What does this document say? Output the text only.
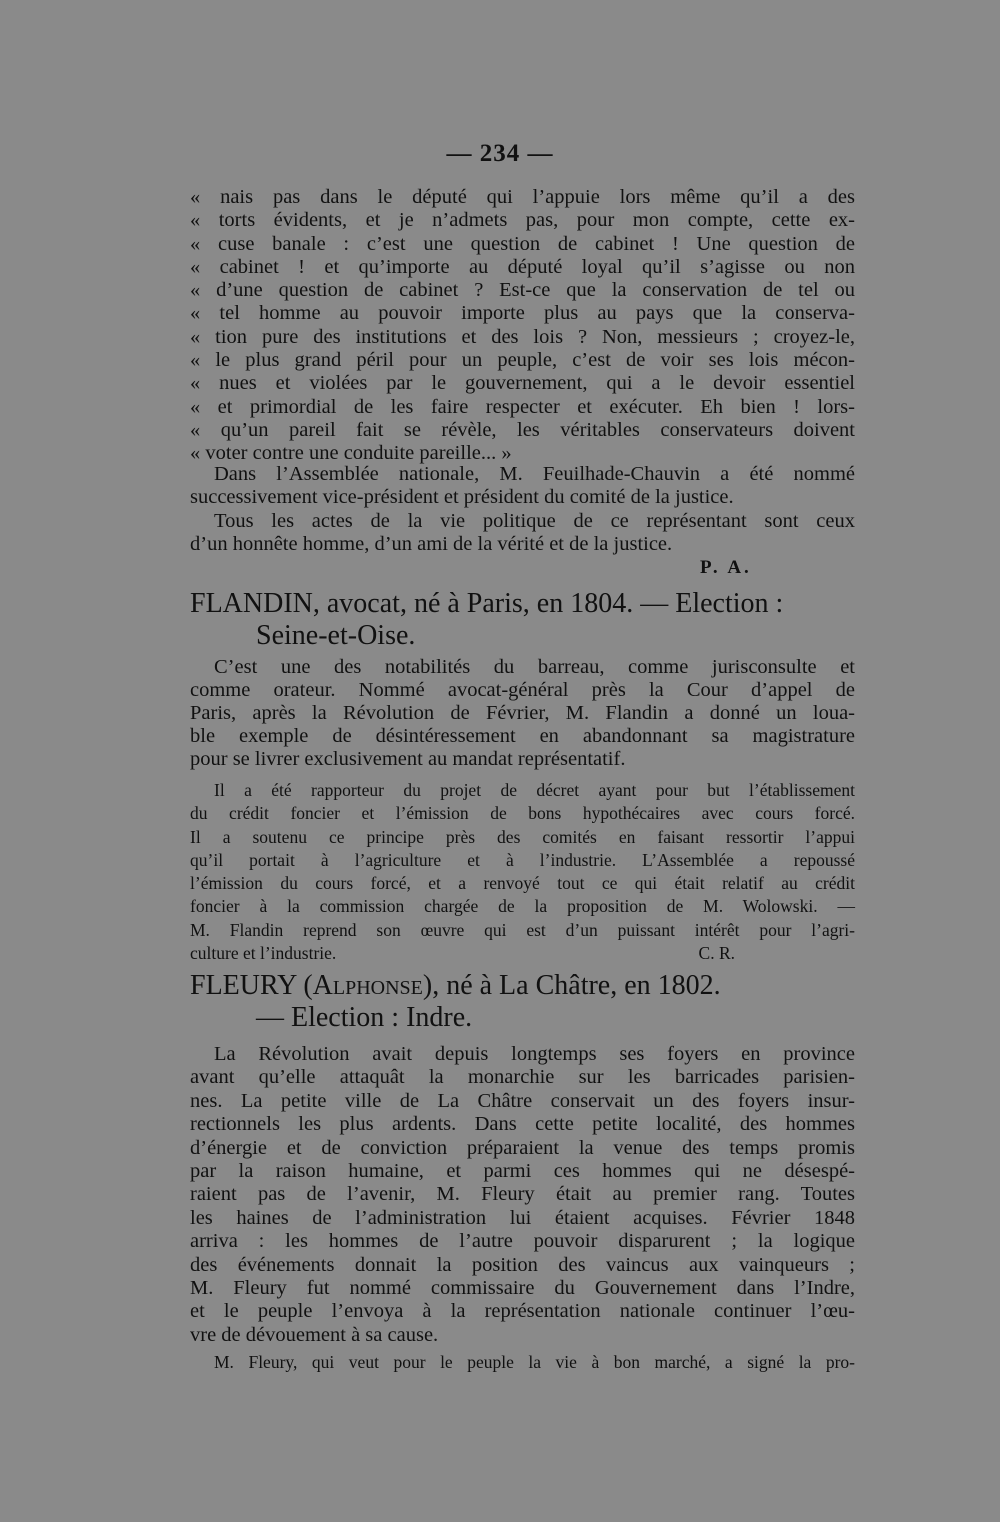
— 234 —
« nais pas dans le député qui l’appuie lors même qu’il a des
« torts évidents, et je n’admets pas, pour mon compte, cette ex-
« cuse banale : c’est une question de cabinet ! Une question de
« cabinet ! et qu’importe au député loyal qu’il s’agisse ou non
« d’une question de cabinet ? Est-ce que la conservation de tel ou
« tel homme au pouvoir importe plus au pays que la conserva-
« tion pure des institutions et des lois ? Non, messieurs ; croyez-le,
« le plus grand péril pour un peuple, c’est de voir ses lois mécon-
« nues et violées par le gouvernement, qui a le devoir essentiel
« et primordial de les faire respecter et exécuter. Eh bien ! lors-
« qu’un pareil fait se révèle, les véritables conservateurs doivent
« voter contre une conduite pareille... »
Dans l’Assemblée nationale, M. Feuilhade-Chauvin a été nommé
successivement vice-président et président du comité de la justice.
Tous les actes de la vie politique de ce représentant sont ceux
d’un honnête homme, d’un ami de la vérité et de la justice.
P. A.
FLANDIN, avocat, né à Paris, en 1804. — Election :
Seine-et-Oise.
C’est une des notabilités du barreau, comme jurisconsulte et
comme orateur. Nommé avocat-général près la Cour d’appel de
Paris, après la Révolution de Février, M. Flandin a donné un loua-
ble exemple de désintéressement en abandonnant sa magistrature
pour se livrer exclusivement au mandat représentatif.
Il a été rapporteur du projet de décret ayant pour but l’établissement
du crédit foncier et l’émission de bons hypothécaires avec cours forcé.
Il a soutenu ce principe près des comités en faisant ressortir l’appui
qu’il portait à l’agriculture et à l’industrie. L’Assemblée a repoussé
l’émission du cours forcé, et a renvoyé tout ce qui était relatif au crédit
foncier à la commission chargée de la proposition de M. Wolowski. —
M. Flandin reprend son œuvre qui est d’un puissant intérêt pour l’agri-
culture et l’industrie.	C. R.
FLEURY (Alphonse), né à La Châtre, en 1802.
— Election : Indre.
La Révolution avait depuis longtemps ses foyers en province
avant qu’elle attaquât la monarchie sur les barricades parisien-
nes. La petite ville de La Châtre conservait un des foyers insur-
rectionnels les plus ardents. Dans cette petite localité, des hommes
d’énergie et de conviction préparaient la venue des temps promis
par la raison humaine, et parmi ces hommes qui ne désespé-
raient pas de l’avenir, M. Fleury était au premier rang. Toutes
les haines de l’administration lui étaient acquises. Février 1848
arriva : les hommes de l’autre pouvoir disparurent ; la logique
des événements donnait la position des vaincus aux vainqueurs ;
M. Fleury fut nommé commissaire du Gouvernement dans l’Indre,
et le peuple l’envoya à la représentation nationale continuer l’œu-
vre de dévouement à sa cause.
M. Fleury, qui veut pour le peuple la vie à bon marché, a signé la pro-
